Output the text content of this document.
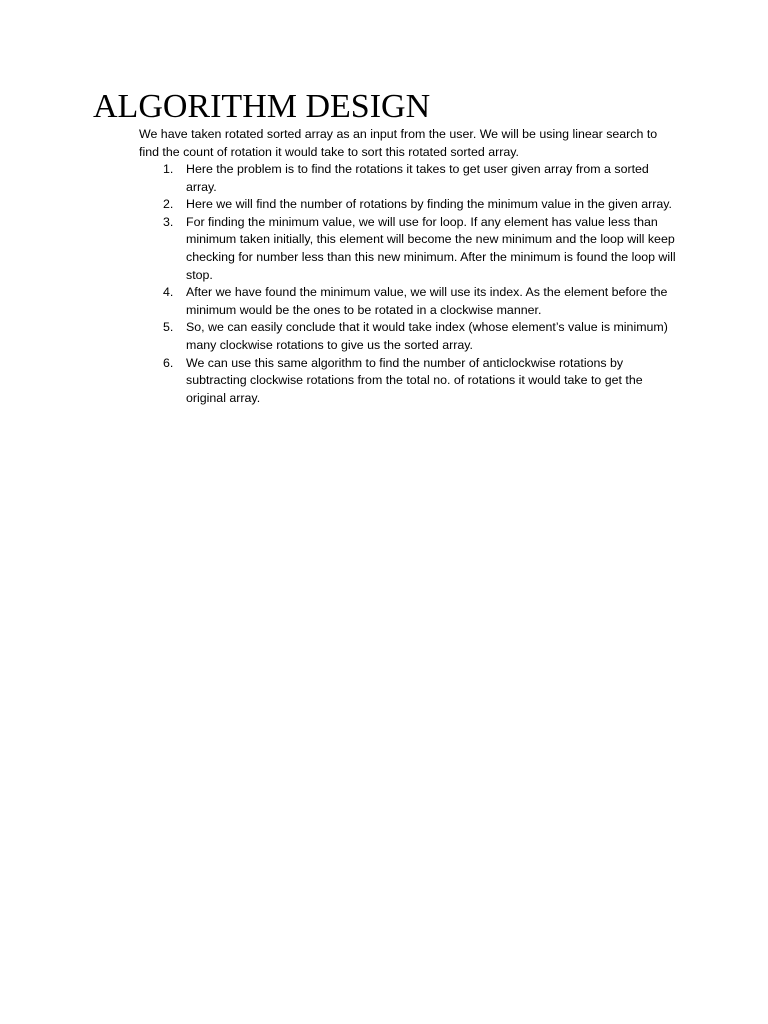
ALGORITHM DESIGN

We have taken rotated sorted array as an input from the user. We will be using linear search to find the count of rotation it would take to sort this rotated sorted array.

1. Here the problem is to find the rotations it takes to get user given array from a sorted array.
2. Here we will find the number of rotations by finding the minimum value in the given array.
3. For finding the minimum value, we will use for loop. If any element has value less than minimum taken initially, this element will become the new minimum and the loop will keep checking for number less than this new minimum. After the minimum is found the loop will stop.
4. After we have found the minimum value, we will use its index. As the element before the minimum would be the ones to be rotated in a clockwise manner.
5. So, we can easily conclude that it would take index (whose element’s value is minimum) many clockwise rotations to give us the sorted array.
6. We can use this same algorithm to find the number of anticlockwise rotations by subtracting clockwise rotations from the total no. of rotations it would take to get the original array.
